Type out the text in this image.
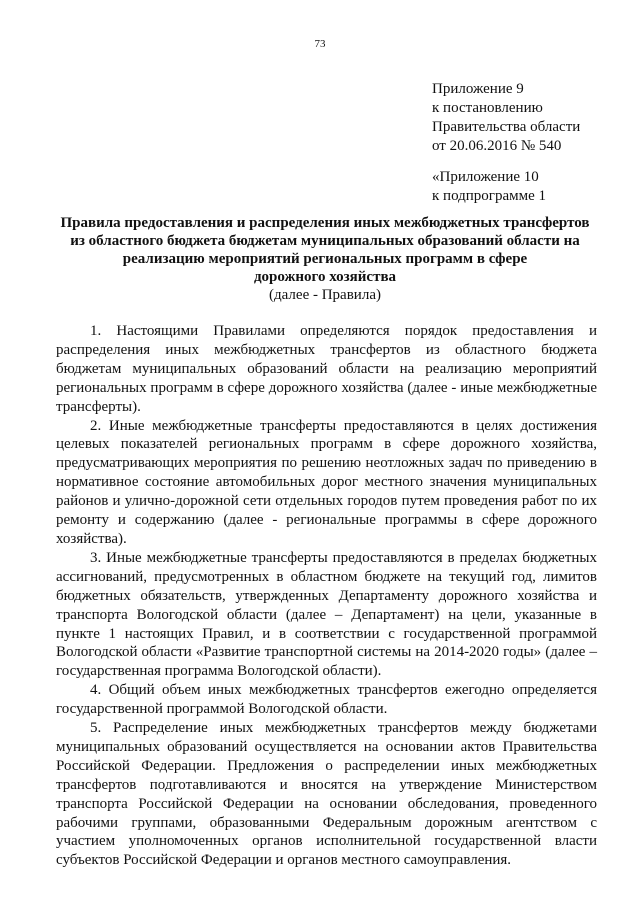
73
Приложение 9
к постановлению
Правительства области
от 20.06.2016 № 540
«Приложение 10
к подпрограмме 1
Правила предоставления и распределения иных межбюджетных трансфертов
из областного бюджета бюджетам муниципальных образований области на
реализацию мероприятий региональных программ в сфере
дорожного хозяйства
(далее - Правила)

1. Настоящими Правилами определяются порядок предоставления и распределения иных межбюджетных трансфертов из областного бюджета бюджетам муниципальных образований области на реализацию мероприятий региональных программ в сфере дорожного хозяйства (далее - иные межбюджетные трансферты).

2. Иные межбюджетные трансферты предоставляются в целях достижения целевых показателей региональных программ в сфере дорожного хозяйства, предусматривающих мероприятия по решению неотложных задач по приведению в нормативное состояние автомобильных дорог местного значения муниципальных районов и улично-дорожной сети отдельных городов путем проведения работ по их ремонту и содержанию (далее - региональные программы в сфере дорожного хозяйства).

3. Иные межбюджетные трансферты предоставляются в пределах бюджетных ассигнований, предусмотренных в областном бюджете на текущий год, лимитов бюджетных обязательств, утвержденных Департаменту дорожного хозяйства и транспорта Вологодской области (далее – Департамент) на цели, указанные в пункте 1 настоящих Правил, и в соответствии с государственной программой Вологодской области «Развитие транспортной системы на 2014-2020 годы» (далее – государственная программа Вологодской области).

4. Общий объем иных межбюджетных трансфертов ежегодно определяется государственной программой Вологодской области.

5. Распределение иных межбюджетных трансфертов между бюджетами муниципальных образований осуществляется на основании актов Правительства Российской Федерации. Предложения о распределении иных межбюджетных трансфертов подготавливаются и вносятся на утверждение Министерством транспорта Российской Федерации на основании обследования, проведенного рабочими группами, образованными Федеральным дорожным агентством с участием уполномоченных органов исполнительной государственной власти субъектов Российской Федерации и органов местного самоуправления.
